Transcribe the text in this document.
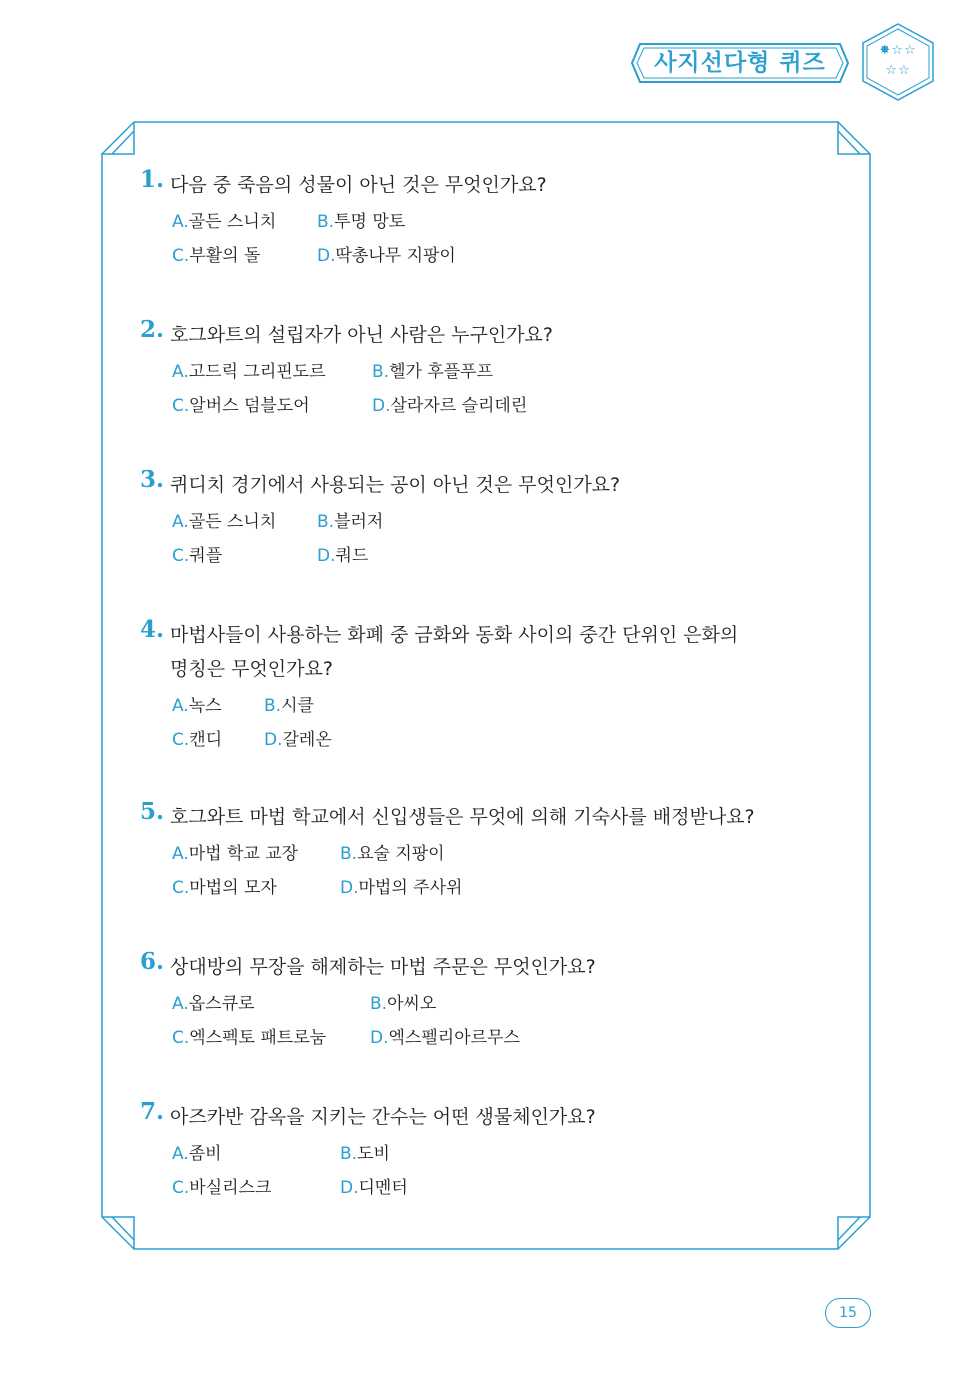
사지선다형 퀴즈	✸☆☆
☆☆
1. 다음 중 죽음의 성물이 아닌 것은 무엇인가요?
A.골든 스니치 B.투명 망토
C.부활의 돌	D.딱총나무 지팡이
2. 호그와트의 설립자가 아닌 사람은 누구인가요?
A.고드릭 그리핀도르	B.헬가 후플푸프
C.알버스 덤블도어	D.살라자르 슬리데린
3. 퀴디치 경기에서 사용되는 공이 아닌 것은 무엇인가요?
A.골든 스니치 B.블러저
C.쿼플	D.쿼드
4. 마법사들이 사용하는 화폐 중 금화와 동화 사이의 중간 단위인 은화의
명칭은 무엇인가요?
A.녹스 B.시클
C.캔디 D.갈레온
5. 호그와트 마법 학교에서 신입생들은 무엇에 의해 기숙사를 배정받나요?
A.마법 학교 교장 B.요술 지팡이
C.마법의 모자	D.마법의 주사위
6. 상대방의 무장을 해제하는 마법 주문은 무엇인가요?
A.옵스큐로	B.아씨오
C.엑스펙토 패트로눔	D.엑스펠리아르무스
7. 아즈카반 감옥을 지키는 간수는 어떤 생물체인가요?
A.좀비	B.도비
C.바실리스크	D.디멘터
15
